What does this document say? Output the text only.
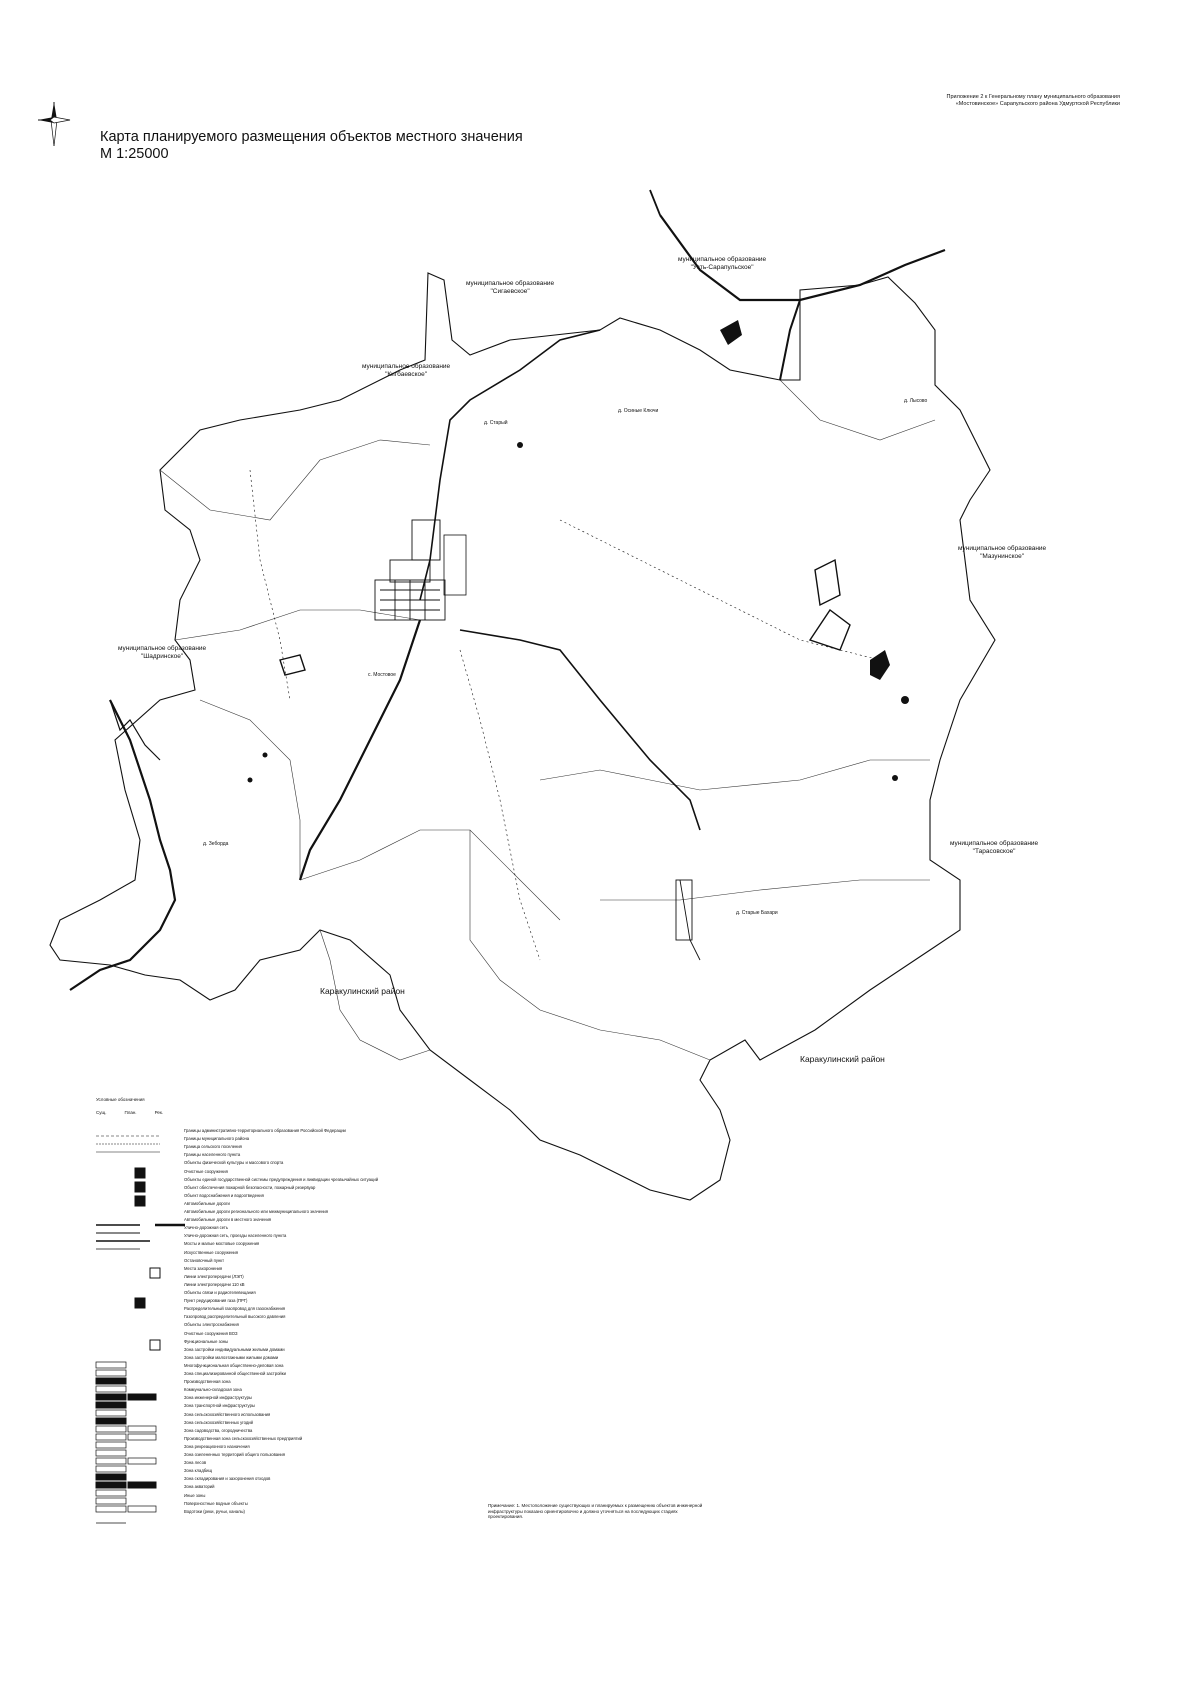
Карта планируемого размещения объектов местного значения
М 1:25000
Приложение 2 к Генеральному плану муниципального образования «Мостовинское» Сарапульского района Удмуртской Республики
муниципальное образование
"Усть-Сарапульское"
муниципальное образование
"Сигаевское"
муниципальное образование
"Кигбаевское"
муниципальное образование
"Мазунинское"
муниципальное образование
"Шадринское"
муниципальное образование
"Тарасовское"
Каракулинский район
Каракулинский район
д. Старый
д. Осиные Ключи
д. Лысово
с. Мостовое
д. Зеборда
д. Старые Бахари
Условные обозначения
Сущ.	План.	Рек.
Границы административно-территориального образования Российской Федерации
Границы муниципального района
Граница сельского поселения
Границы населенного пункта
Объекты физической культуры и массового спорта
Очистные сооружения
Объекты единой государственной системы предупреждения и ликвидации чрезвычайных ситуаций
Объект обеспечения пожарной безопасности, пожарный резервуар
Объект водоснабжения и водоотведения
Автомобильные дороги
Автомобильные дороги регионального или межмуниципального значения
Автомобильные дороги в местного значения
Улично-дорожная сеть
Улично-дорожная сеть, проезды населенного пункта
Мосты и малые мостовые сооружения
Искусственные сооружения
Остановочный пункт
Места захоронения
Линии электропередачи (ЛЭП)
Линии электропередачи 110 кВ
Объекты связи и радиотелевещания
Пункт редуцирования газа (ПРГ)
Распределительный газопровод для газоснабжения
Газопровод распределительный высокого давления
Объекты электроснабжения
Очистные сооружения ВОЗ
Функциональные зоны
Зона застройки индивидуальными жилыми домами
Зона застройки малоэтажными жилыми домами
Многофункциональная общественно-деловая зона
Зона специализированной общественной застройки
Производственная зона
Коммунально-складская зона
Зона инженерной инфраструктуры
Зона транспортной инфраструктуры
Зона сельскохозяйственного использования
Зона сельскохозяйственных угодий
Зона садоводства, огородничества
Производственная зона сельскохозяйственных предприятий
Зона рекреационного назначения
Зона озелененных территорий общего пользования
Зона лесов
Зона кладбищ
Зона складирования и захоронения отходов
Зона акваторий
Иные зоны
Поверхностные водные объекты
Водотоки (реки, ручьи, каналы)
Примечание: 1. Местоположение существующих и планируемых к размещению объектов инженерной инфраструктуры показано ориентировочно и должно уточняться на последующих стадиях проектирования.
